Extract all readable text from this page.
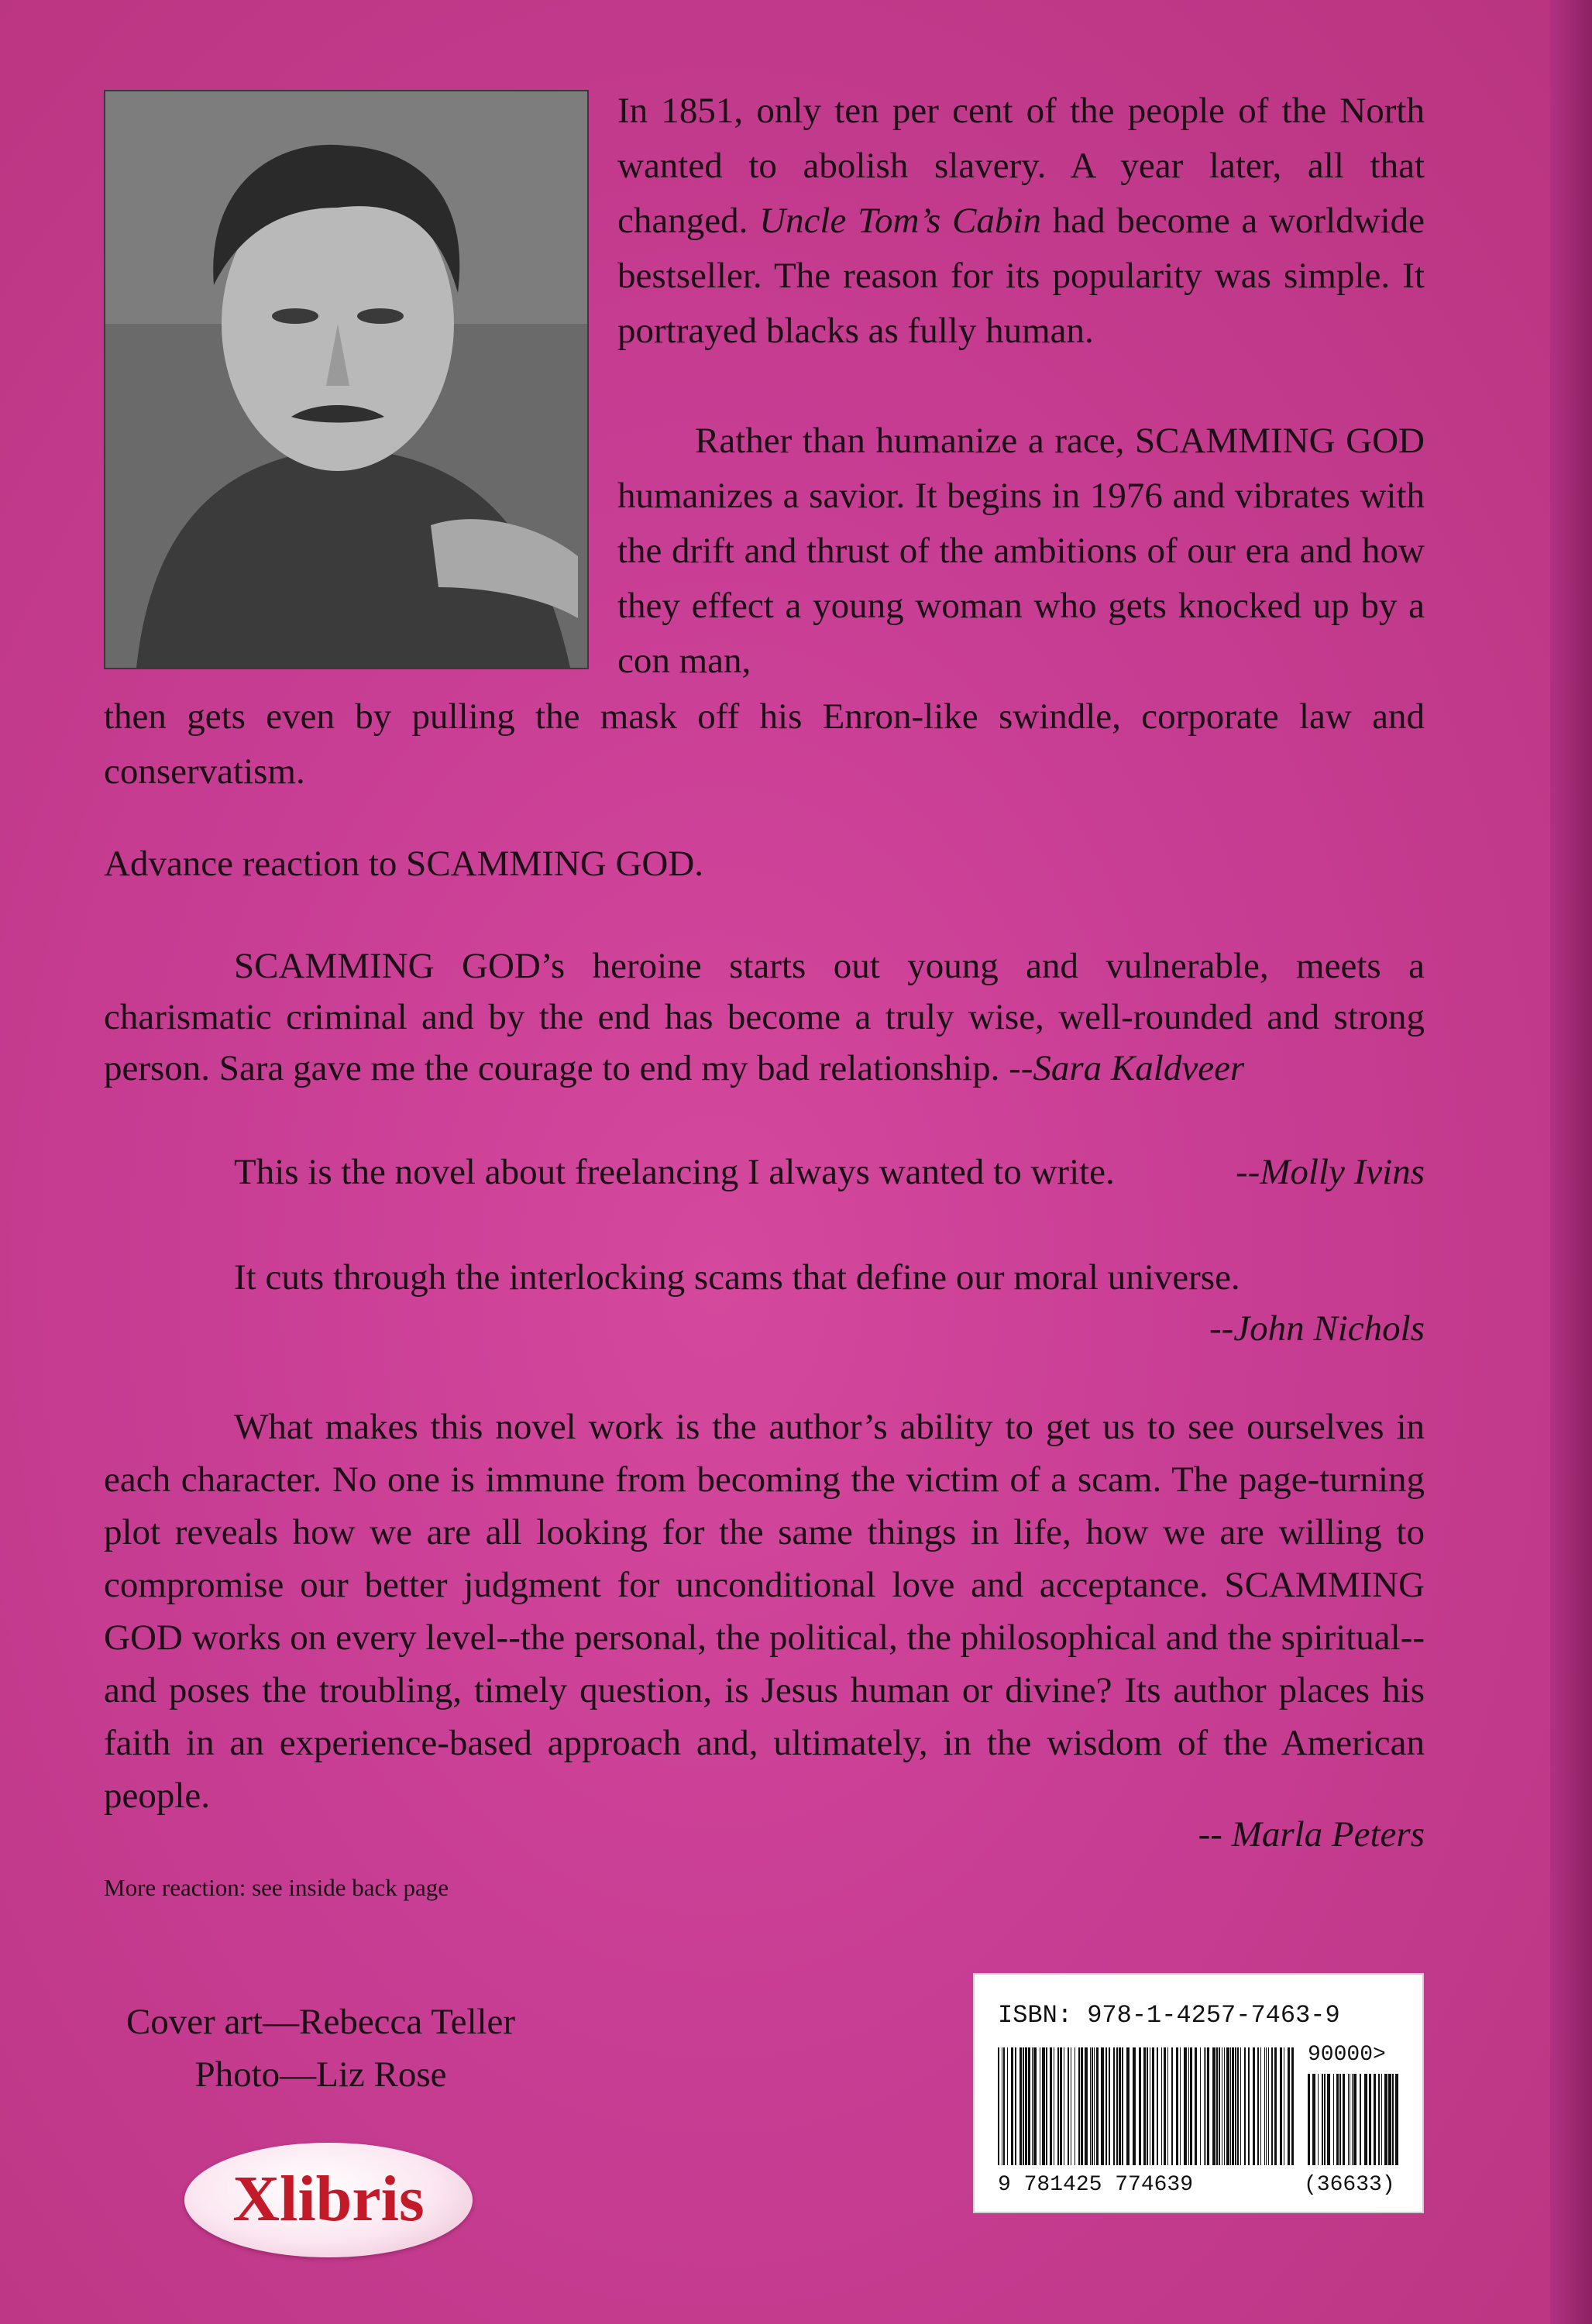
In 1851, only ten per cent of the people of the North wanted to abolish slavery. A year later, all that changed. Uncle Tom’s Cabin had become a worldwide bestseller. The reason for its popularity was simple. It portrayed blacks as fully human.

Rather than humanize a race, SCAMMING GOD humanizes a savior. It begins in 1976 and vibrates with the drift and thrust of the ambitions of our era and how they effect a young woman who gets knocked up by a con man,

then gets even by pulling the mask off his Enron-like swindle, corporate law and conservatism.

Advance reaction to SCAMMING GOD.
SCAMMING GOD’s heroine starts out young and vulnerable, meets a charismatic criminal and by the end has become a truly wise, well-rounded and strong person. Sara gave me the courage to end my bad relationship. --Sara Kaldveer
This is the novel about freelancing I always wanted to write.	--Molly Ivins
It cuts through the interlocking scams that define our moral universe.
--John Nichols
What makes this novel work is the author’s ability to get us to see ourselves in each character. No one is immune from becoming the victim of a scam. The page-turning plot reveals how we are all looking for the same things in life, how we are willing to compromise our better judgment for unconditional love and acceptance. SCAMMING GOD works on every level--the personal, the political, the philosophical and the spiritual--and poses the troubling, timely question, is Jesus human or divine? Its author places his faith in an experience-based approach and, ultimately, in the wisdom of the American people.
-- Marla Peters
More reaction: see inside back page
Cover art—Rebecca Teller
Photo—Liz Rose
Xlibris
ISBN: 978-1-4257-7463-9
90000>
9 781425 774639	(36633)
